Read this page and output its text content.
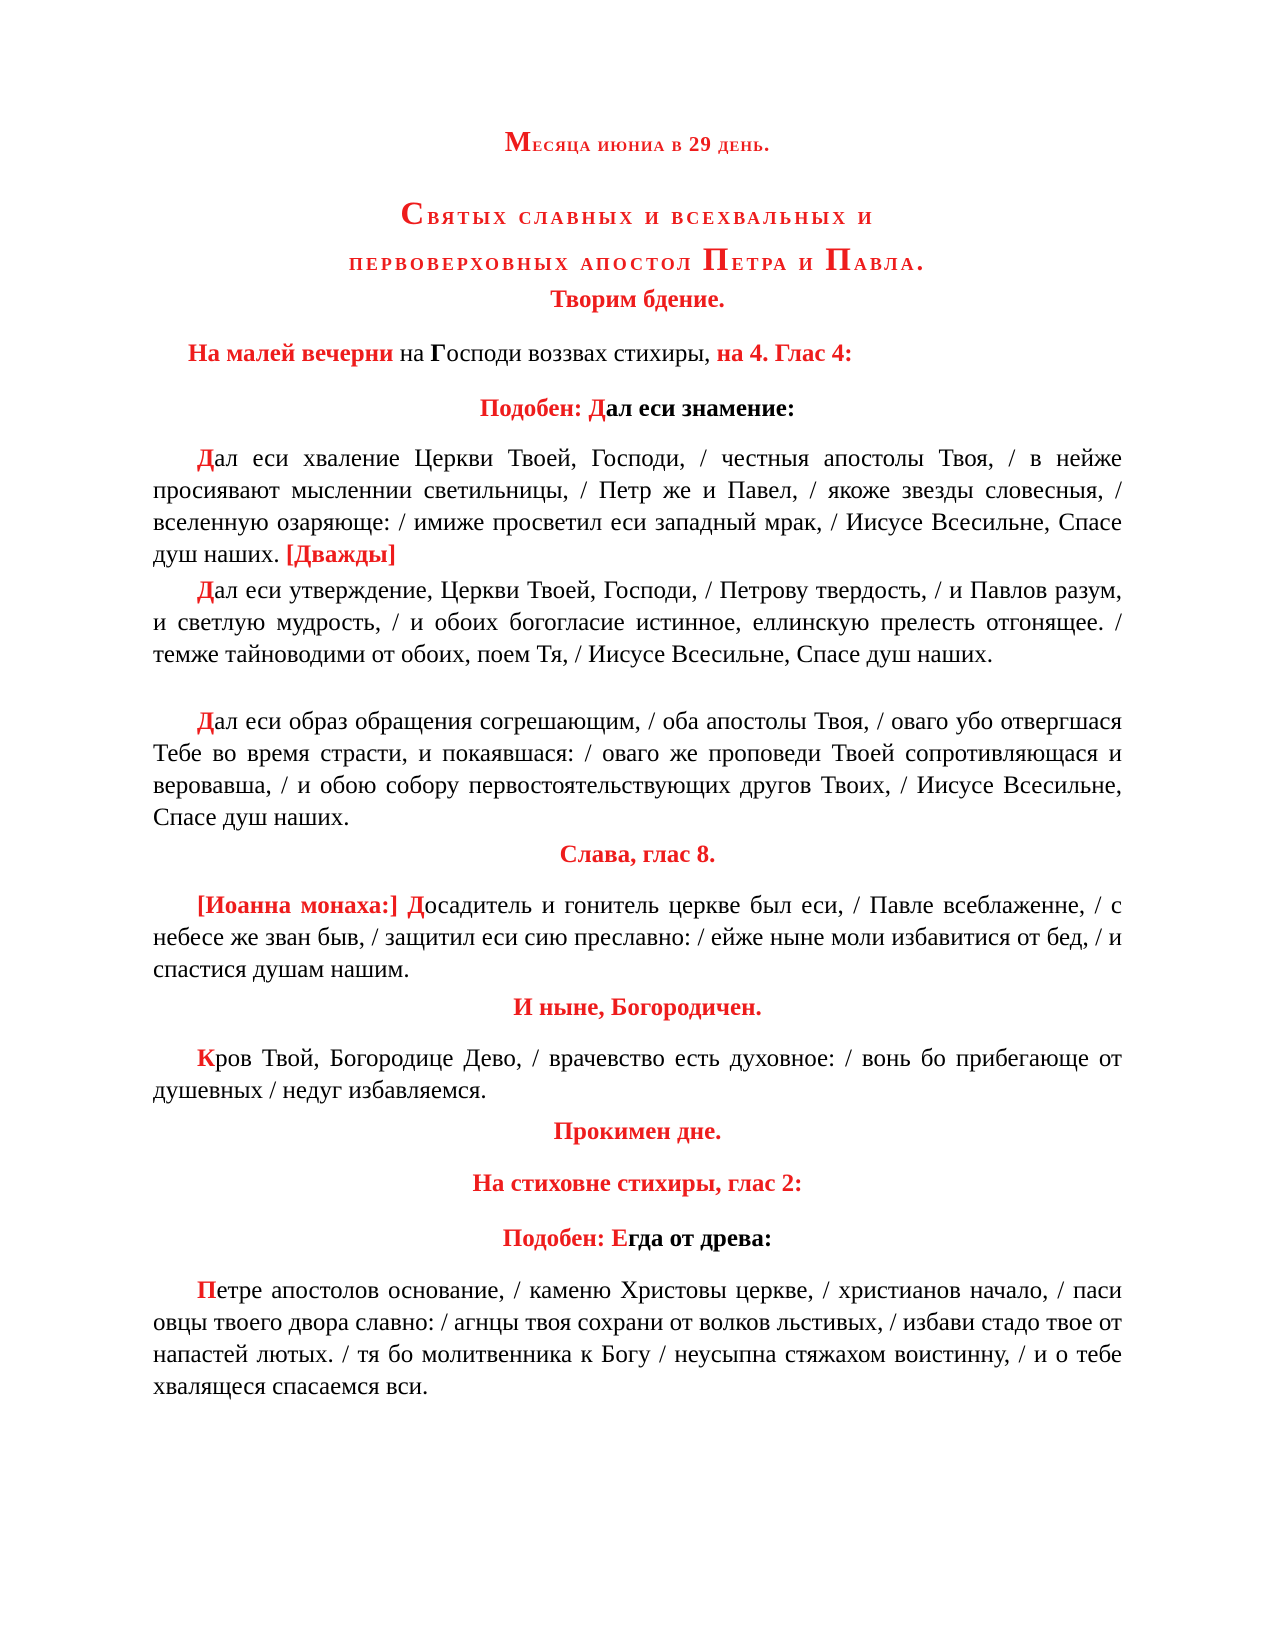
Месяца июниа в 29 день.
Святых славных и всехвальных и
первоверховных апостол Петра и Павла.
Творим бдение.
На малей вечерни на Господи воззвах стихиры, на 4. Глас 4:
Подобен: Дал еси знамение:
Дал еси хваление Церкви Твоей, Господи, / честныя апостолы Твоя, / в нейже просиявают мысленнии светильницы, / Петр же и Павел, / якоже звезды словесныя, / вселенную озаряюще: / имиже просветил еси западный мрак, / Иисусе Всесильне, Спасе душ наших. [Дважды]
Дал еси утверждение, Церкви Твоей, Господи, / Петрову твердость, / и Павлов разум, и светлую мудрость, / и обоих богогласие истинное, еллинскую прелесть отгонящее. / темже тайноводими от обоих, поем Тя, / Иисусе Всесильне, Спасе душ наших.
Дал еси образ обращения согрешающим, / оба апостолы Твоя, / оваго убо отвергшася Тебе во время страсти, и покаявшася: / оваго же проповеди Твоей сопротивляющася и веровавша, / и обою собору первостоятельствующих другов Твоих, / Иисусе Всесильне, Спасе душ наших.
Слава, глас 8.
[Иоанна монаха:] Досадитель и гонитель церкве был еси, / Павле всеблаженне, / с небесе же зван быв, / защитил еси сию преславно: / ейже ныне моли избавитися от бед, / и спастися душам нашим.
И ныне, Богородичен.
Кров Твой, Богородице Дево, / врачевство есть духовное: / вонь бо прибегающе от душевных / недуг избавляемся.
Прокимен дне.
На стиховне стихиры, глас 2:
Подобен: Егда от древа:
Петре апостолов основание, / каменю Христовы церкве, / христианов начало, / паси овцы твоего двора славно: / агнцы твоя сохрани от волков льстивых, / избави стадо твое от напастей лютых. / тя бо молитвенника к Богу / неусыпна стяжахом воистинну, / и о тебе хвалящеся спасаемся вси.
